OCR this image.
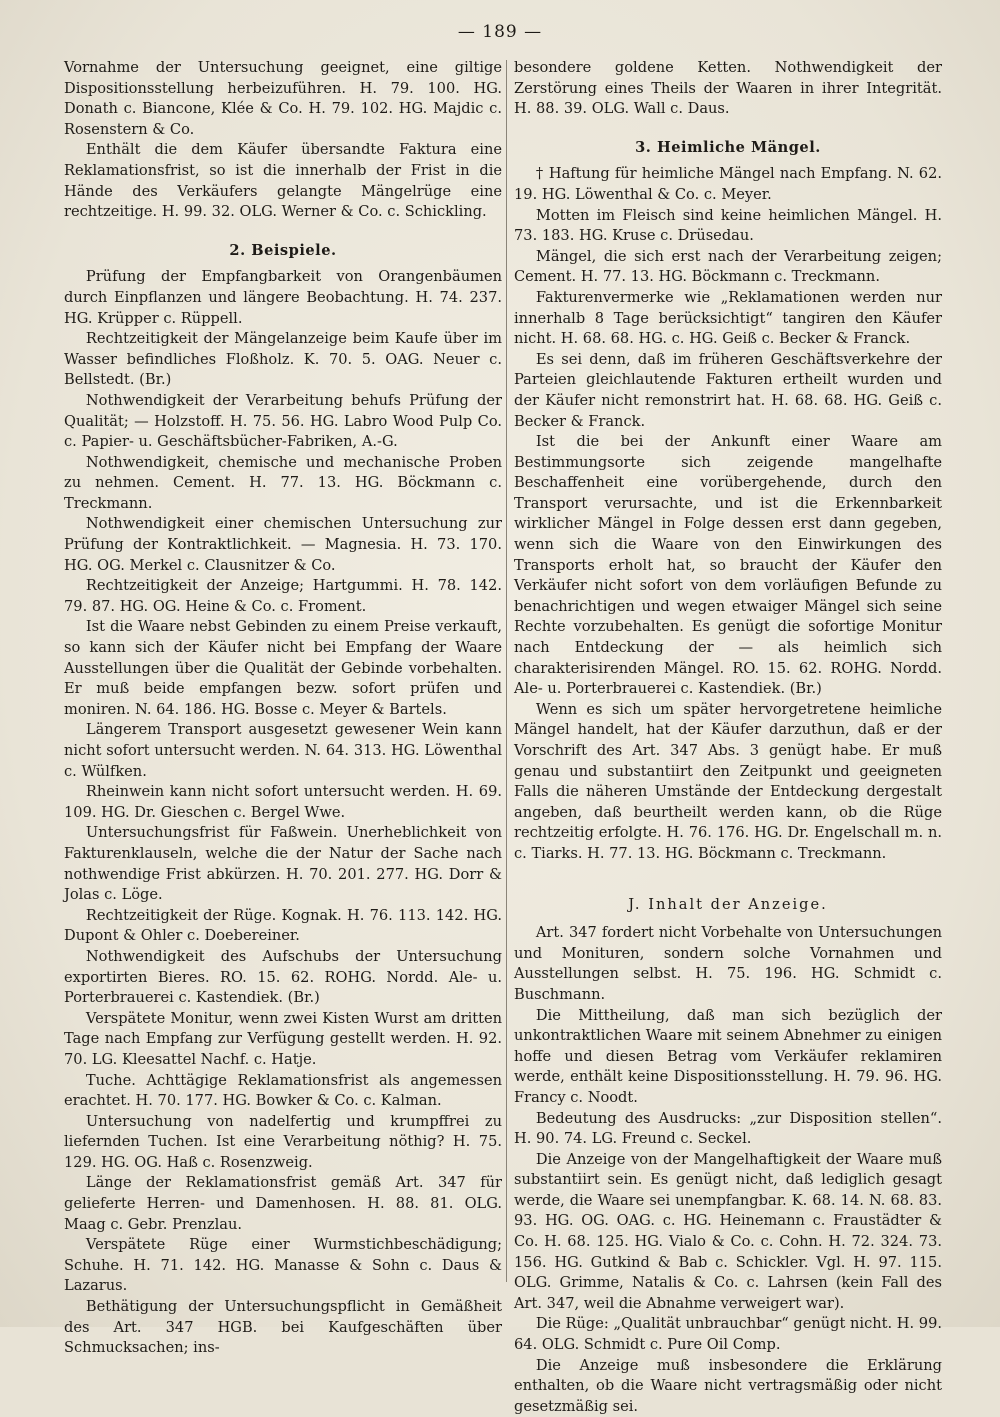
— 189 —

Vornahme der Untersuchung geeignet, eine giltige Dispositionsstellung herbeizuführen. H. 79. 100. HG. Donath c. Biancone, Klée & Co. H. 79. 102. HG. Majdic c. Rosenstern & Co.

Enthält die dem Käufer übersandte Faktura eine Reklamationsfrist, so ist die innerhalb der Frist in die Hände des Verkäufers gelangte Mängelrüge eine rechtzeitige. H. 99. 32. OLG. Werner & Co. c. Schickling.

2. Beispiele.

Prüfung der Empfangbarkeit von Orangenbäumen durch Einpflanzen und längere Beobachtung. H. 74. 237. HG. Krüpper c. Rüppell.

Rechtzeitigkeit der Mängelanzeige beim Kaufe über im Wasser befindliches Floßholz. K. 70. 5. OAG. Neuer c. Bellstedt. (Br.)

Nothwendigkeit der Verarbeitung behufs Prüfung der Qualität; — Holzstoff. H. 75. 56. HG. Labro Wood Pulp Co. c. Papier- u. Geschäftsbücher-Fabriken, A.-G.

Nothwendigkeit, chemische und mechanische Proben zu nehmen. Cement. H. 77. 13. HG. Böckmann c. Treckmann.

Nothwendigkeit einer chemischen Untersuchung zur Prüfung der Kontraktlichkeit. — Magnesia. H. 73. 170. HG. OG. Merkel c. Clausnitzer & Co.

Rechtzeitigkeit der Anzeige; Hartgummi. H. 78. 142. 79. 87. HG. OG. Heine & Co. c. Froment.

Ist die Waare nebst Gebinden zu einem Preise verkauft, so kann sich der Käufer nicht bei Empfang der Waare Ausstellungen über die Qualität der Gebinde vorbehalten. Er muß beide empfangen bezw. sofort prüfen und moniren. N. 64. 186. HG. Bosse c. Meyer & Bartels.

Längerem Transport ausgesetzt gewesener Wein kann nicht sofort untersucht werden. N. 64. 313. HG. Löwenthal c. Wülfken.

Rheinwein kann nicht sofort untersucht werden. H. 69. 109. HG. Dr. Gieschen c. Bergel Wwe.

Untersuchungsfrist für Faßwein. Unerheblichkeit von Fakturenklauseln, welche die der Natur der Sache nach nothwendige Frist abkürzen. H. 70. 201. 277. HG. Dorr & Jolas c. Löge.

Rechtzeitigkeit der Rüge. Kognak. H. 76. 113. 142. HG. Dupont & Ohler c. Doebereiner.

Nothwendigkeit des Aufschubs der Untersuchung exportirten Bieres. RO. 15. 62. ROHG. Nordd. Ale- u. Porterbrauerei c. Kastendiek. (Br.)

Verspätete Monitur, wenn zwei Kisten Wurst am dritten Tage nach Empfang zur Verfügung gestellt werden. H. 92. 70. LG. Kleesattel Nachf. c. Hatje.

Tuche. Achttägige Reklamationsfrist als angemessen erachtet. H. 70. 177. HG. Bowker & Co. c. Kalman.

Untersuchung von nadelfertig und krumpffrei zu liefernden Tuchen. Ist eine Verarbeitung nöthig? H. 75. 129. HG. OG. Haß c. Rosenzweig.

Länge der Reklamationsfrist gemäß Art. 347 für gelieferte Herren- und Damenhosen. H. 88. 81. OLG. Maag c. Gebr. Prenzlau.

Verspätete Rüge einer Wurmstichbeschädigung; Schuhe. H. 71. 142. HG. Manasse & Sohn c. Daus & Lazarus.

Bethätigung der Untersuchungspflicht in Gemäßheit des Art. 347 HGB. bei Kaufgeschäften über Schmucksachen; ins-

besondere goldene Ketten. Nothwendigkeit der Zerstörung eines Theils der Waaren in ihrer Integrität. H. 88. 39. OLG. Wall c. Daus.

3. Heimliche Mängel.

† Haftung für heimliche Mängel nach Empfang. N. 62. 19. HG. Löwenthal & Co. c. Meyer.

Motten im Fleisch sind keine heimlichen Mängel. H. 73. 183. HG. Kruse c. Drüsedau.

Mängel, die sich erst nach der Verarbeitung zeigen; Cement. H. 77. 13. HG. Böckmann c. Treckmann.

Fakturenvermerke wie „Reklamationen werden nur innerhalb 8 Tage berücksichtigt“ tangiren den Käufer nicht. H. 68. 68. HG. c. HG. Geiß c. Becker & Franck.

Es sei denn, daß im früheren Geschäftsverkehre der Parteien gleichlautende Fakturen ertheilt wurden und der Käufer nicht remonstrirt hat. H. 68. 68. HG. Geiß c. Becker & Franck.

Ist die bei der Ankunft einer Waare am Bestimmungsorte sich zeigende mangelhafte Beschaffenheit eine vorübergehende, durch den Transport verursachte, und ist die Erkennbarkeit wirklicher Mängel in Folge dessen erst dann gegeben, wenn sich die Waare von den Einwirkungen des Transports erholt hat, so braucht der Käufer den Verkäufer nicht sofort von dem vorläufigen Befunde zu benachrichtigen und wegen etwaiger Mängel sich seine Rechte vorzubehalten. Es genügt die sofortige Monitur nach Entdeckung der — als heimlich sich charakterisirenden Mängel. RO. 15. 62. ROHG. Nordd. Ale- u. Porterbrauerei c. Kastendiek. (Br.)

Wenn es sich um später hervorgetretene heimliche Mängel handelt, hat der Käufer darzuthun, daß er der Vorschrift des Art. 347 Abs. 3 genügt habe. Er muß genau und substantiirt den Zeitpunkt und geeigneten Falls die näheren Umstände der Entdeckung dergestalt angeben, daß beurtheilt werden kann, ob die Rüge rechtzeitig erfolgte. H. 76. 176. HG. Dr. Engelschall m. n. c. Tiarks. H. 77. 13. HG. Böckmann c. Treckmann.

J. Inhalt der Anzeige.

Art. 347 fordert nicht Vorbehalte von Untersuchungen und Monituren, sondern solche Vornahmen und Ausstellungen selbst. H. 75. 196. HG. Schmidt c. Buschmann.

Die Mittheilung, daß man sich bezüglich der unkontraktlichen Waare mit seinem Abnehmer zu einigen hoffe und diesen Betrag vom Verkäufer reklamiren werde, enthält keine Dispositionsstellung. H. 79. 96. HG. Francy c. Noodt.

Bedeutung des Ausdrucks: „zur Disposition stellen“. H. 90. 74. LG. Freund c. Seckel.

Die Anzeige von der Mangelhaftigkeit der Waare muß substantiirt sein. Es genügt nicht, daß lediglich gesagt werde, die Waare sei unempfangbar. K. 68. 14. N. 68. 83. 93. HG. OG. OAG. c. HG. Heinemann c. Fraustädter & Co. H. 68. 125. HG. Vialo & Co. c. Cohn. H. 72. 324. 73. 156. HG. Gutkind & Bab c. Schickler. Vgl. H. 97. 115. OLG. Grimme, Natalis & Co. c. Lahrsen (kein Fall des Art. 347, weil die Abnahme verweigert war).

Die Rüge: „Qualität unbrauchbar“ genügt nicht. H. 99. 64. OLG. Schmidt c. Pure Oil Comp.

Die Anzeige muß insbesondere die Erklärung enthalten, ob die Waare nicht vertragsmäßig oder nicht gesetzmäßig sei.
